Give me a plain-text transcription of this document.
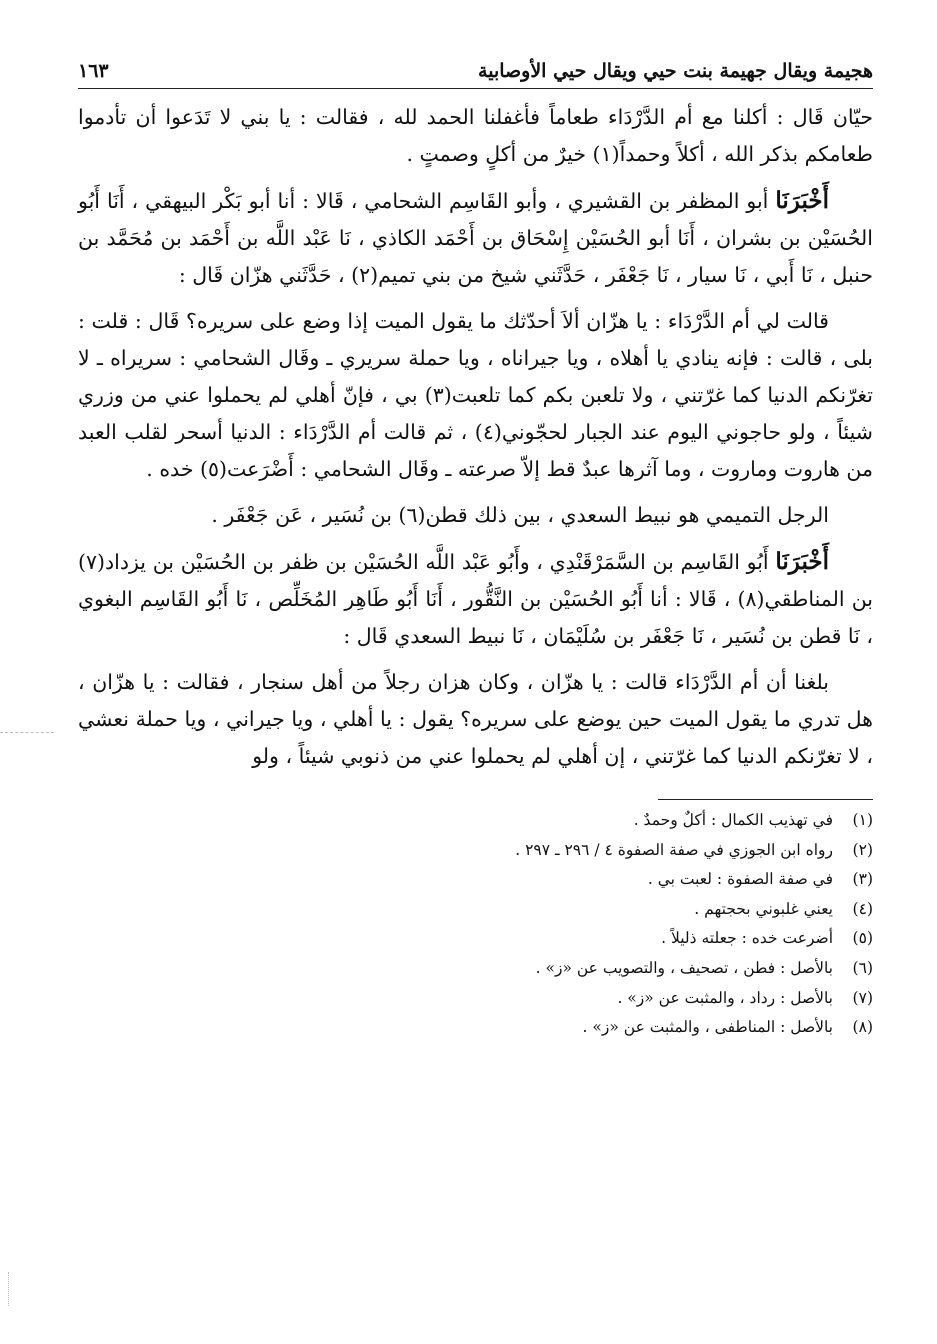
هجيمة ويقال جهيمة بنت حيي ويقال حيي الأوصابية
١٦٣

حيّان قَال : أكلنا مع أم الدَّرْدَاء طعاماً فأغفلنا الحمد لله ، فقالت : يا بني لا تَدَعوا أن تأدموا طعامكم بذكر الله ، أكلاً وحمداً(١) خيرٌ من أكلٍ وصمتٍ .

أَخْبَرَنَا أبو المظفر بن القشيري ، وأبو القَاسِم الشحامي ، قَالا : أنا أبو بَكْر البيهقي ، أَنَا أَبُو الحُسَيْن بن بشران ، أَنَا أبو الحُسَيْن إِسْحَاق بن أَحْمَد الكاذي ، نَا عَبْد اللَّه بن أَحْمَد بن مُحَمَّد بن حنبل ، نَا أَبي ، نَا سيار ، نَا جَعْفَر ، حَدَّثَني شيخ من بني تميم(٢) ، حَدَّثَني هزّان قَال :

قالت لي أم الدَّرْدَاء : يا هزّان ألاَ أحدّثك ما يقول الميت إذا وضع على سريره؟ قَال : قلت : بلى ، قالت : فإنه ينادي يا أهلاه ، ويا جيراناه ، ويا حملة سريري ـ وقَال الشحامي : سريراه ـ لا تغرّنكم الدنيا كما غرّتني ، ولا تلعبن بكم كما تلعبت(٣) بي ، فإنّ أهلي لم يحملوا عني من وزري شيئاً ، ولو حاجوني اليوم عند الجبار لحجّوني(٤) ، ثم قالت أم الدَّرْدَاء : الدنيا أسحر لقلب العبد من هاروت وماروت ، وما آثرها عبدٌ قط إلاّ صرعته ـ وقَال الشحامي : أَضْرَعت(٥) خده .

الرجل التميمي هو نبيط السعدي ، بين ذلك قطن(٦) بن نُسَير ، عَن جَعْفَر .

أَخْبَرَنَا أَبُو القَاسِم بن السَّمَرْقَنْدِي ، وأَبُو عَبْد اللَّه الحُسَيْن بن ظفر بن الحُسَيْن بن يزداد(٧) بن المناطقي(٨) ، قَالا : أنا أَبُو الحُسَيْن بن النَّقُّور ، أَنَا أَبُو طَاهِر المُخَلِّص ، نَا أَبُو القَاسِم البغوي ، نَا قطن بن نُسَير ، نَا جَعْفَر بن سُلَيْمَان ، نَا نبيط السعدي قَال :

بلغنا أن أم الدَّرْدَاء قالت : يا هزّان ، وكان هزان رجلاً من أهل سنجار ، فقالت : يا هزّان ، هل تدري ما يقول الميت حين يوضع على سريره؟ يقول : يا أهلي ، ويا جيراني ، ويا حملة نعشي ، لا تغرّنكم الدنيا كما غرّتني ، إن أهلي لم يحملوا عني من ذنوبي شيئاً ، ولو

(١)
في تهذيب الكمال : أكلٌ وحمدٌ .
(٢)
رواه ابن الجوزي في صفة الصفوة ٤ / ٢٩٦ ـ ٢٩٧ .
(٣)
في صفة الصفوة : لعبت بي .
(٤)
يعني غلبوني بحجتهم .
(٥)
أضرعت خده : جعلته ذليلاً .
(٦)
بالأصل : فطن ، تصحيف ، والتصويب عن «ز» .
(٧)
بالأصل : رداد ، والمثبت عن «ز» .
(٨)
بالأصل : المناطفى ، والمثبت عن «ز» .
